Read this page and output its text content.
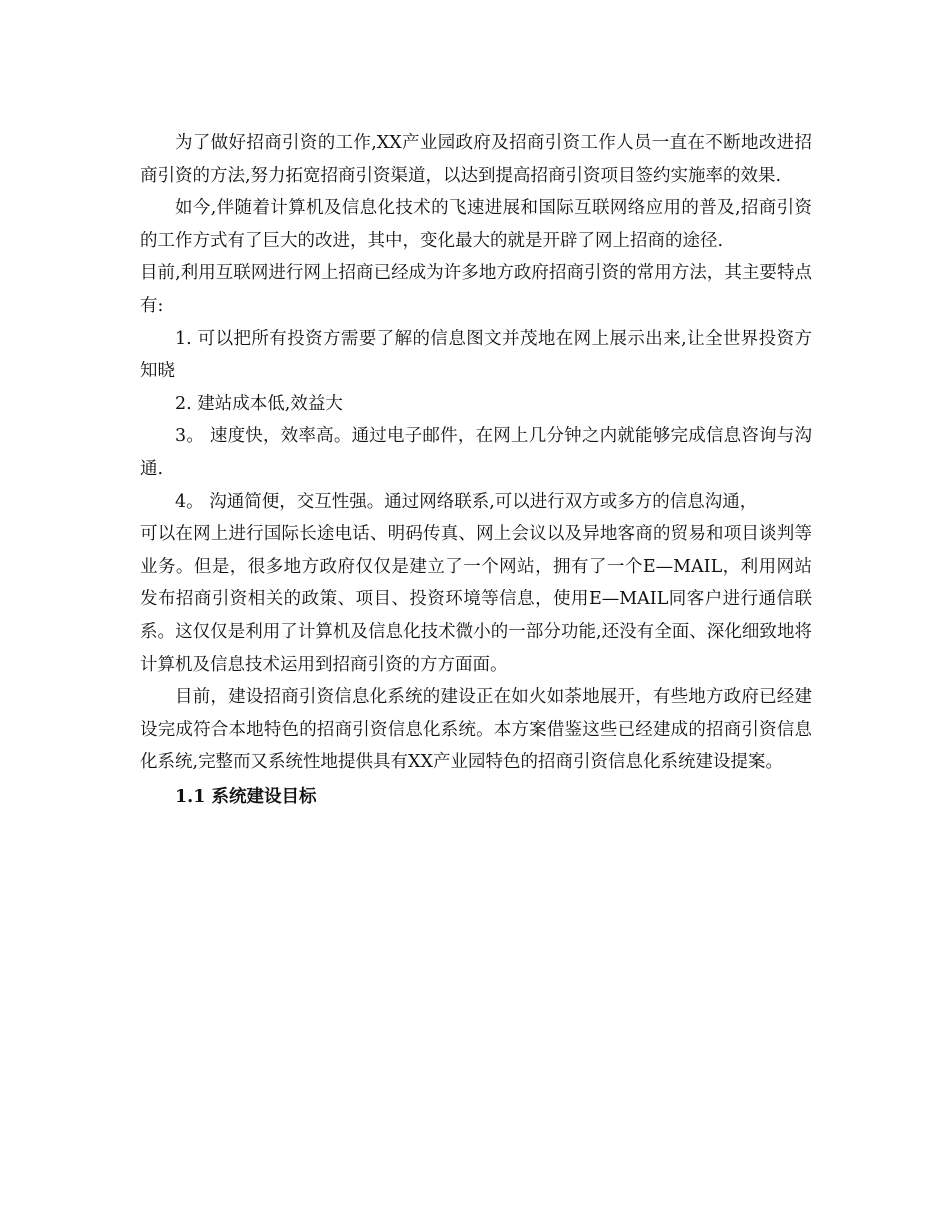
为了做好招商引资的工作,XX产业园政府及招商引资工作人员一直在不断地改进招商引资的方法,努力拓宽招商引资渠道，以达到提高招商引资项目签约实施率的效果.

如今,伴随着计算机及信息化技术的飞速进展和国际互联网络应用的普及,招商引资的工作方式有了巨大的改进，其中，变化最大的就是开辟了网上招商的途径.

目前,利用互联网进行网上招商已经成为许多地方政府招商引资的常用方法，其主要特点有:

1. 可以把所有投资方需要了解的信息图文并茂地在网上展示出来,让全世界投资方知晓

2. 建站成本低,效益大

3。 速度快，效率高。通过电子邮件，在网上几分钟之内就能够完成信息咨询与沟通.

4。 沟通简便，交互性强。通过网络联系,可以进行双方或多方的信息沟通，

可以在网上进行国际长途电话、明码传真、网上会议以及异地客商的贸易和项目谈判等业务。但是，很多地方政府仅仅是建立了一个网站，拥有了一个E—MAIL，利用网站发布招商引资相关的政策、项目、投资环境等信息，使用E—MAIL同客户进行通信联系。这仅仅是利用了计算机及信息化技术微小的一部分功能,还没有全面、深化细致地将计算机及信息技术运用到招商引资的方方面面。

目前，建设招商引资信息化系统的建设正在如火如荼地展开，有些地方政府已经建设完成符合本地特色的招商引资信息化系统。本方案借鉴这些已经建成的招商引资信息化系统,完整而又系统性地提供具有XX产业园特色的招商引资信息化系统建设提案。

1.1 系统建设目标
